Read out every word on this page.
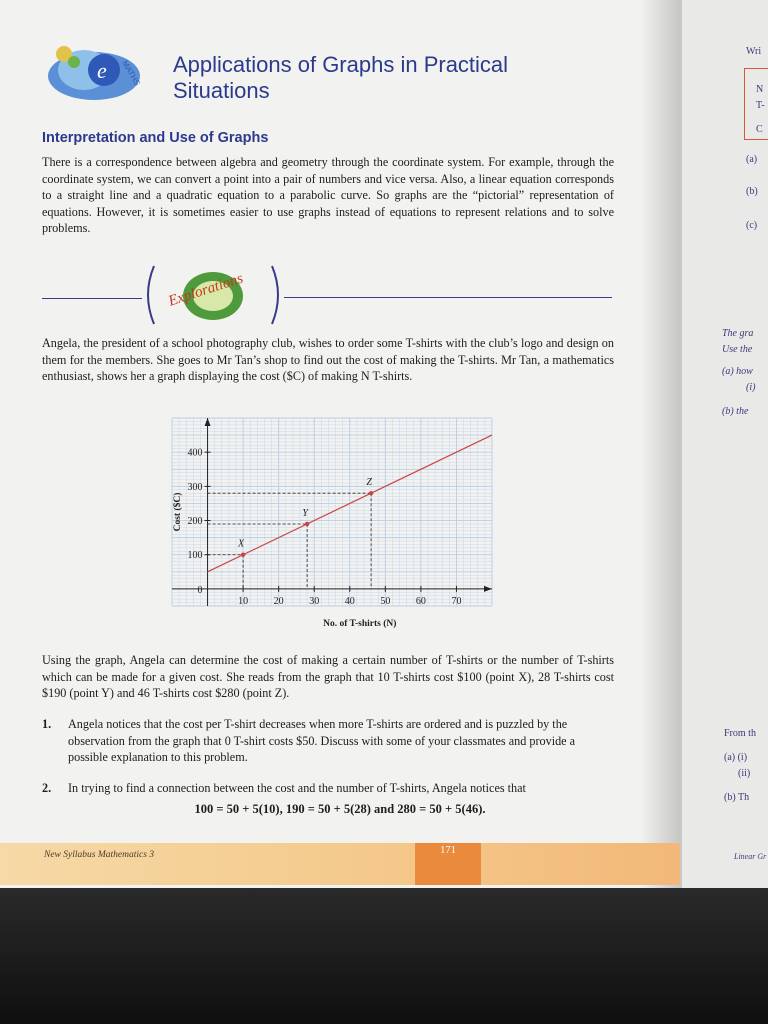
e MATHS Applications of Graphs in Practical
Situations
Interpretation and Use of Graphs

There is a correspondence between algebra and geometry through the coordinate system. For example, through the coordinate system, we can convert a point into a pair of numbers and vice versa. Also, a linear equation corresponds to a straight line and a quadratic equation to a parabolic curve. So graphs are the “pictorial” representation of equations. However, it is sometimes easier to use graphs instead of equations to represent relations and to solve problems.

Explorations

Angela, the president of a school photography club, wishes to order some T-shirts with the club’s logo and design on them for the members. She goes to Mr Tan’s shop to find out the cost of making the T-shirts. Mr Tan, a mathematics enthusiast, shows her a graph displaying the cost ($C) of making N T-shirts.

10	20	30	40	50	60	70
100
200
300
400
0
No. of T-shirts (N)
Cost ($C)
X
Y
Z

Using the graph, Angela can determine the cost of making a certain number of T-shirts or the number of T-shirts which can be made for a given cost. She reads from the graph that 10 T-shirts cost $100 (point X), 28 T-shirts cost $190 (point Y) and 46 T-shirts cost $280 (point Z).

1. Angela notices that the cost per T-shirt decreases when more T-shirts are ordered and is puzzled by the observation from the graph that 0 T-shirt costs $50. Discuss with some of your classmates and provide a possible explanation to this problem.
2. In trying to find a connection between the cost and the number of T-shirts, Angela notices that
100 = 50 + 5(10), 190 = 50 + 5(28) and 280 = 50 + 5(46).
New Syllabus Mathematics 3	171
Wri
N
T-
C
(a)
(b)
(c)
The gra
Use the
(a) how
(i)
(b) the
From th
(a) (i)
(ii)
(b) Th
Linear Gr
